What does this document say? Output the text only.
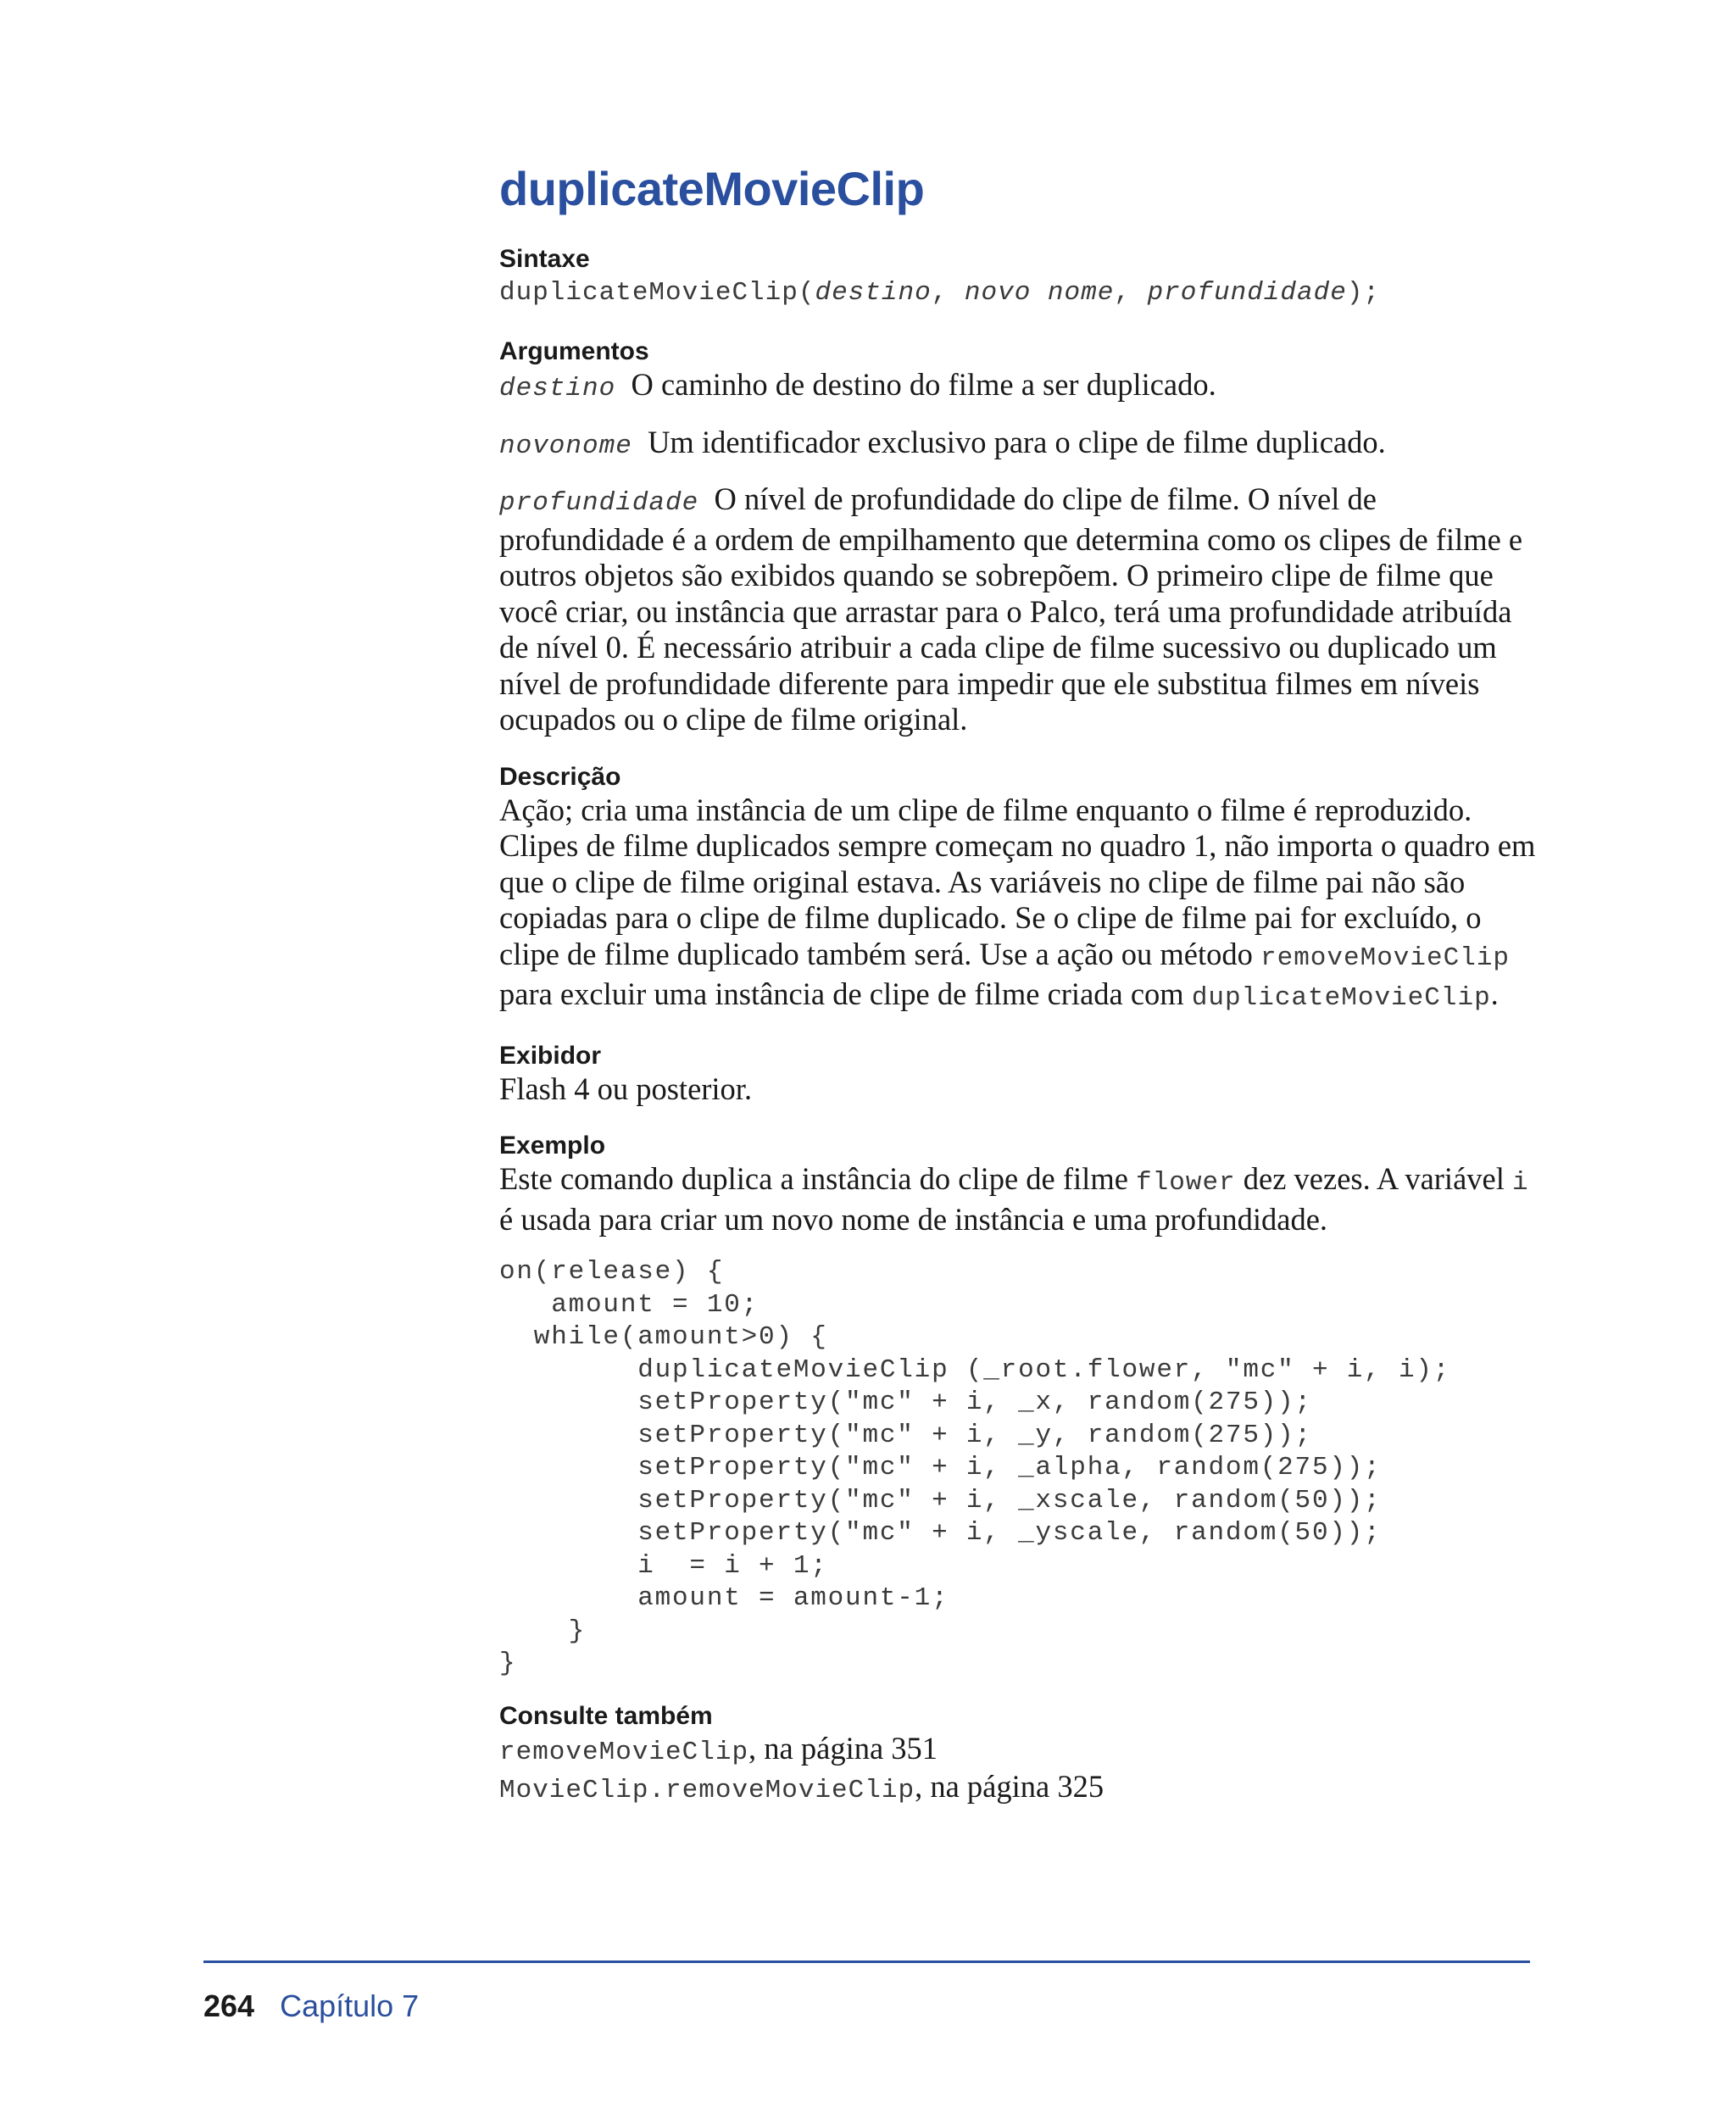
duplicateMovieClip

Sintaxe

duplicateMovieClip(destino, novo nome, profundidade);

Argumentos

destino O caminho de destino do filme a ser duplicado.

novonome Um identificador exclusivo para o clipe de filme duplicado.

profundidade O nível de profundidade do clipe de filme. O nível de profundidade é a ordem de empilhamento que determina como os clipes de filme e outros objetos são exibidos quando se sobrepõem. O primeiro clipe de filme que você criar, ou instância que arrastar para o Palco, terá uma profundidade atribuída de nível 0. É necessário atribuir a cada clipe de filme sucessivo ou duplicado um nível de profundidade diferente para impedir que ele substitua filmes em níveis ocupados ou o clipe de filme original.

Descrição

Ação; cria uma instância de um clipe de filme enquanto o filme é reproduzido. Clipes de filme duplicados sempre começam no quadro 1, não importa o quadro em que o clipe de filme original estava. As variáveis no clipe de filme pai não são copiadas para o clipe de filme duplicado. Se o clipe de filme pai for excluído, o clipe de filme duplicado também será. Use a ação ou método removeMovieClip para excluir uma instância de clipe de filme criada com duplicateMovieClip.

Exibidor

Flash 4 ou posterior.

Exemplo

Este comando duplica a instância do clipe de filme flower dez vezes. A variável i é usada para criar um novo nome de instância e uma profundidade.

on(release) {
amount = 10;
while(amount>0) {
duplicateMovieClip (_root.flower, "mc" + i, i);
setProperty("mc" + i, _x, random(275));
setProperty("mc" + i, _y, random(275));
setProperty("mc" + i, _alpha, random(275));
setProperty("mc" + i, _xscale, random(50));
setProperty("mc" + i, _yscale, random(50));
i  = i + 1;
amount = amount-1;
}
}

Consulte também

removeMovieClip, na página 351

MovieClip.removeMovieClip, na página 325

264 Capítulo 7
